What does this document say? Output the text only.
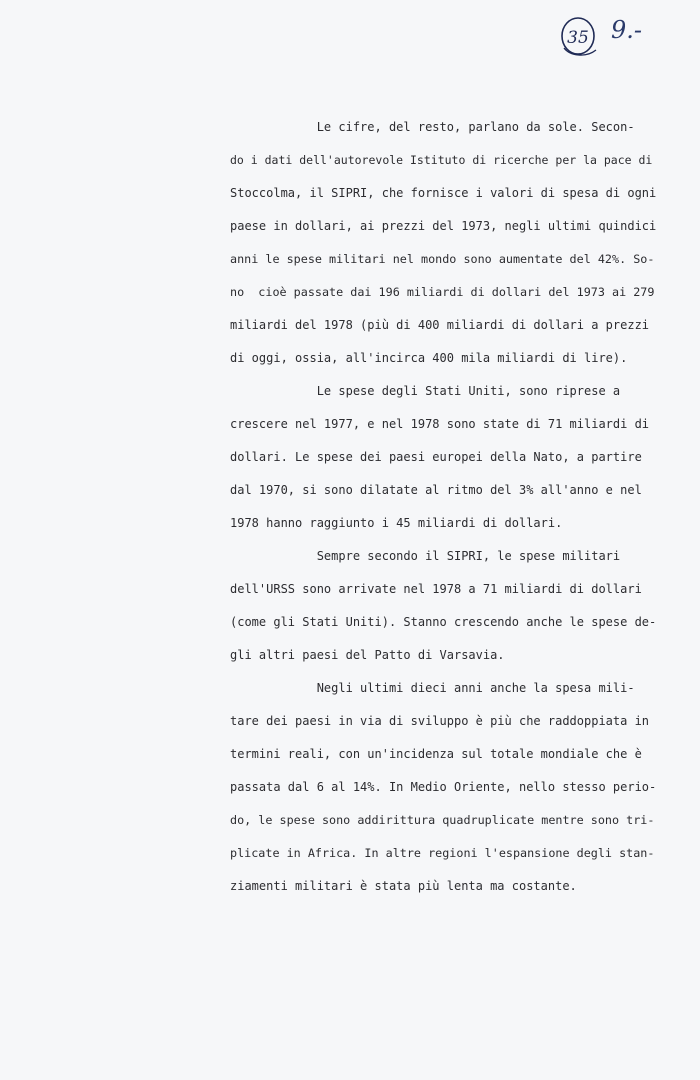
35 9.-
Le cifre, del resto, parlano da sole. Secon-
do i dati dell'autorevole Istituto di ricerche per la pace di
Stoccolma, il SIPRI, che fornisce i valori di spesa di ogni
paese in dollari, ai prezzi del 1973, negli ultimi quindici
anni le spese militari nel mondo sono aumentate del 42%. So-
no  cioè passate dai 196 miliardi di dollari del 1973 ai 279
miliardi del 1978 (più di 400 miliardi di dollari a prezzi
di oggi, ossia, all'incirca 400 mila miliardi di lire).
Le spese degli Stati Uniti, sono riprese a
crescere nel 1977, e nel 1978 sono state di 71 miliardi di
dollari. Le spese dei paesi europei della Nato, a partire
dal 1970, si sono dilatate al ritmo del 3% all'anno e nel
1978 hanno raggiunto i 45 miliardi di dollari.
Sempre secondo il SIPRI, le spese militari
dell'URSS sono arrivate nel 1978 a 71 miliardi di dollari
(come gli Stati Uniti). Stanno crescendo anche le spese de-
gli altri paesi del Patto di Varsavia.
Negli ultimi dieci anni anche la spesa mili-
tare dei paesi in via di sviluppo è più che raddoppiata in
termini reali, con un'incidenza sul totale mondiale che è
passata dal 6 al 14%. In Medio Oriente, nello stesso perio-
do, le spese sono addirittura quadruplicate mentre sono tri-
plicate in Africa. In altre regioni l'espansione degli stan-
ziamenti militari è stata più lenta ma costante.
